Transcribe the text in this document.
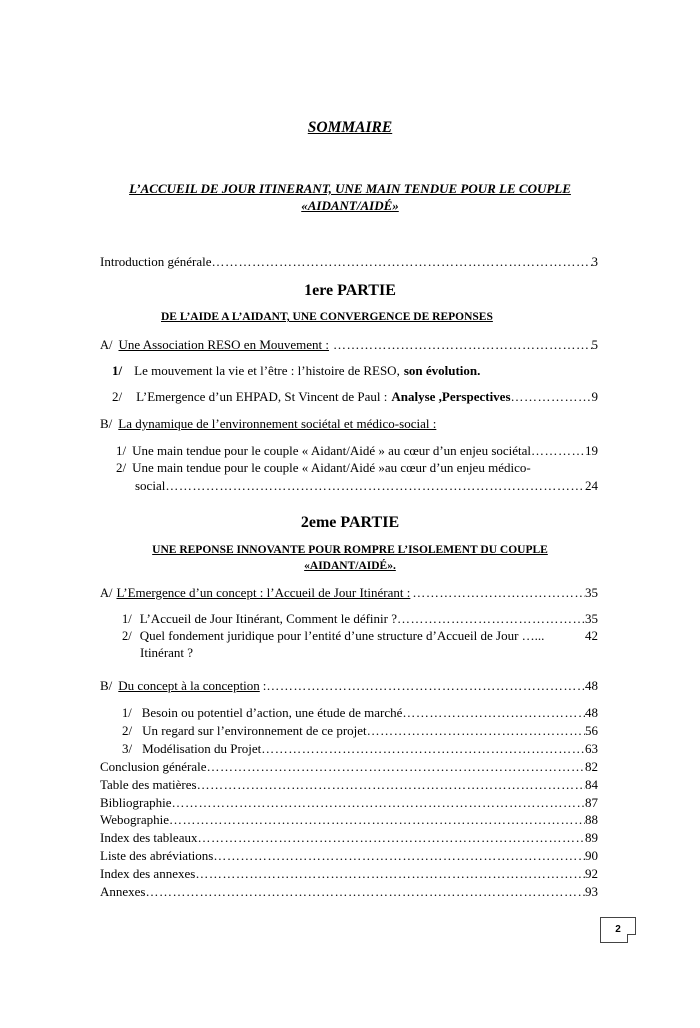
SOMMAIRE
L’ACCUEIL DE JOUR ITINERANT, UNE MAIN TENDUE POUR LE COUPLE
«AIDANT/AIDÉ»
Introduction générale ……………………………………………………………………………………………………………………………………………………………	3
1ere PARTIE
DE L’AIDE A L’AIDANT, UNE CONVERGENCE DE REPONSES
A/ Une Association RESO en Mouvement : ……………………………………………………………………………………………………………………………………………………………	5
1/ Le mouvement la vie et l’être : l’histoire de RESO, son évolution.
2/ L’Emergence d’un EHPAD, St Vincent de Paul : Analyse ,Perspectives ……………………………………………………………………………………………………………………………………………………………	9
B/ La dynamique de l’environnement sociétal et médico-social :
1/ Une main tendue pour le couple « Aidant/Aidé » au cœur d’un enjeu sociétal ……………………………………………………………………………………………………………………………………………………………	19
2/ Une main tendue pour le couple « Aidant/Aidé »au cœur d’un enjeu médico-
social ……………………………………………………………………………………………………………………………………………………………	24
2eme PARTIE
UNE REPONSE INNOVANTE POUR ROMPRE L’ISOLEMENT DU COUPLE
«AIDANT/AIDÉ».
A/ L’Emergence d’un concept : l’Accueil de Jour Itinérant : ……………………………………………………………………………………………………………………………………………………………	35
1/ L’Accueil de Jour Itinérant, Comment le définir ? ……………………………………………………………………………………………………………………………………………………………	35
2/ Quel fondement juridique pour l’entité d’une structure d’Accueil de Jour …...	42
Itinérant ?
B/ Du concept à la conception : ……………………………………………………………………………………………………………………………………………………………	48
1/ Besoin ou potentiel d’action, une étude de marché ……………………………………………………………………………………………………………………………………………………………	48
2/ Un regard sur l’environnement de ce projet ……………………………………………………………………………………………………………………………………………………………	56
3/ Modélisation du Projet ……………………………………………………………………………………………………………………………………………………………	63
Conclusion générale ……………………………………………………………………………………………………………………………………………………………	82
Table des matières ……………………………………………………………………………………………………………………………………………………………	84
Bibliographie ……………………………………………………………………………………………………………………………………………………………	87
Webographie ……………………………………………………………………………………………………………………………………………………………	88
Index des tableaux ……………………………………………………………………………………………………………………………………………………………	89
Liste des abréviations ……………………………………………………………………………………………………………………………………………………………	90
Index des annexes ……………………………………………………………………………………………………………………………………………………………	92
Annexes ……………………………………………………………………………………………………………………………………………………………	93
2
